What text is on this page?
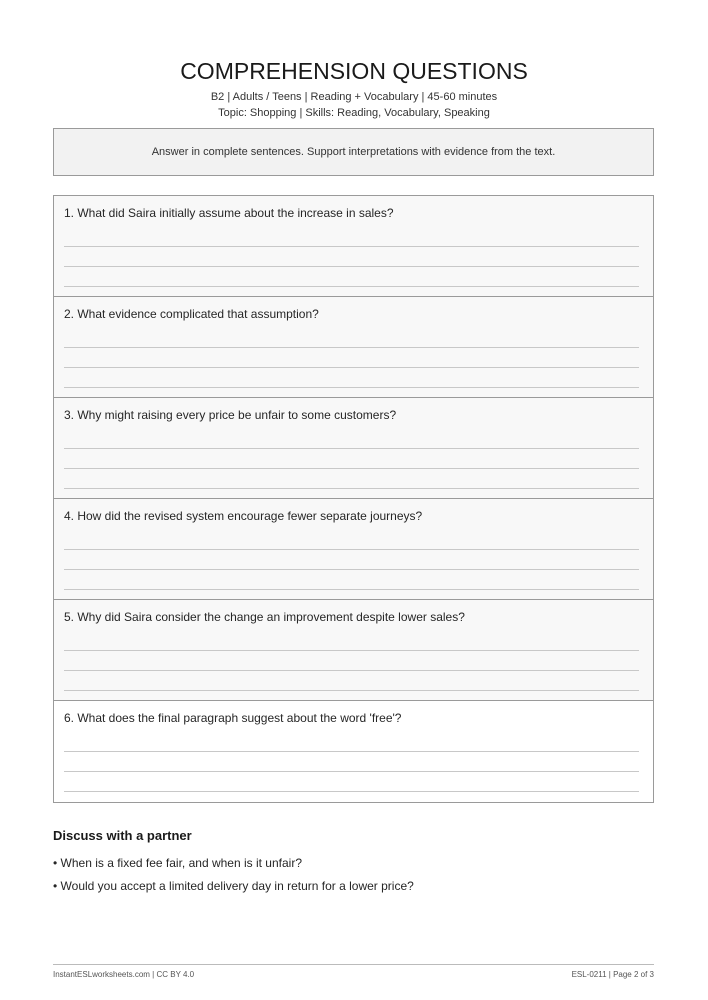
COMPREHENSION QUESTIONS
B2 | Adults / Teens | Reading + Vocabulary | 45-60 minutes
Topic: Shopping | Skills: Reading, Vocabulary, Speaking
Answer in complete sentences. Support interpretations with evidence from the text.
1. What did Saira initially assume about the increase in sales?
2. What evidence complicated that assumption?
3. Why might raising every price be unfair to some customers?
4. How did the revised system encourage fewer separate journeys?
5. Why did Saira consider the change an improvement despite lower sales?
6. What does the final paragraph suggest about the word 'free'?
Discuss with a partner
• When is a fixed fee fair, and when is it unfair?
• Would you accept a limited delivery day in return for a lower price?
InstantESLworksheets.com | CC BY 4.0	ESL-0211 | Page 2 of 3
